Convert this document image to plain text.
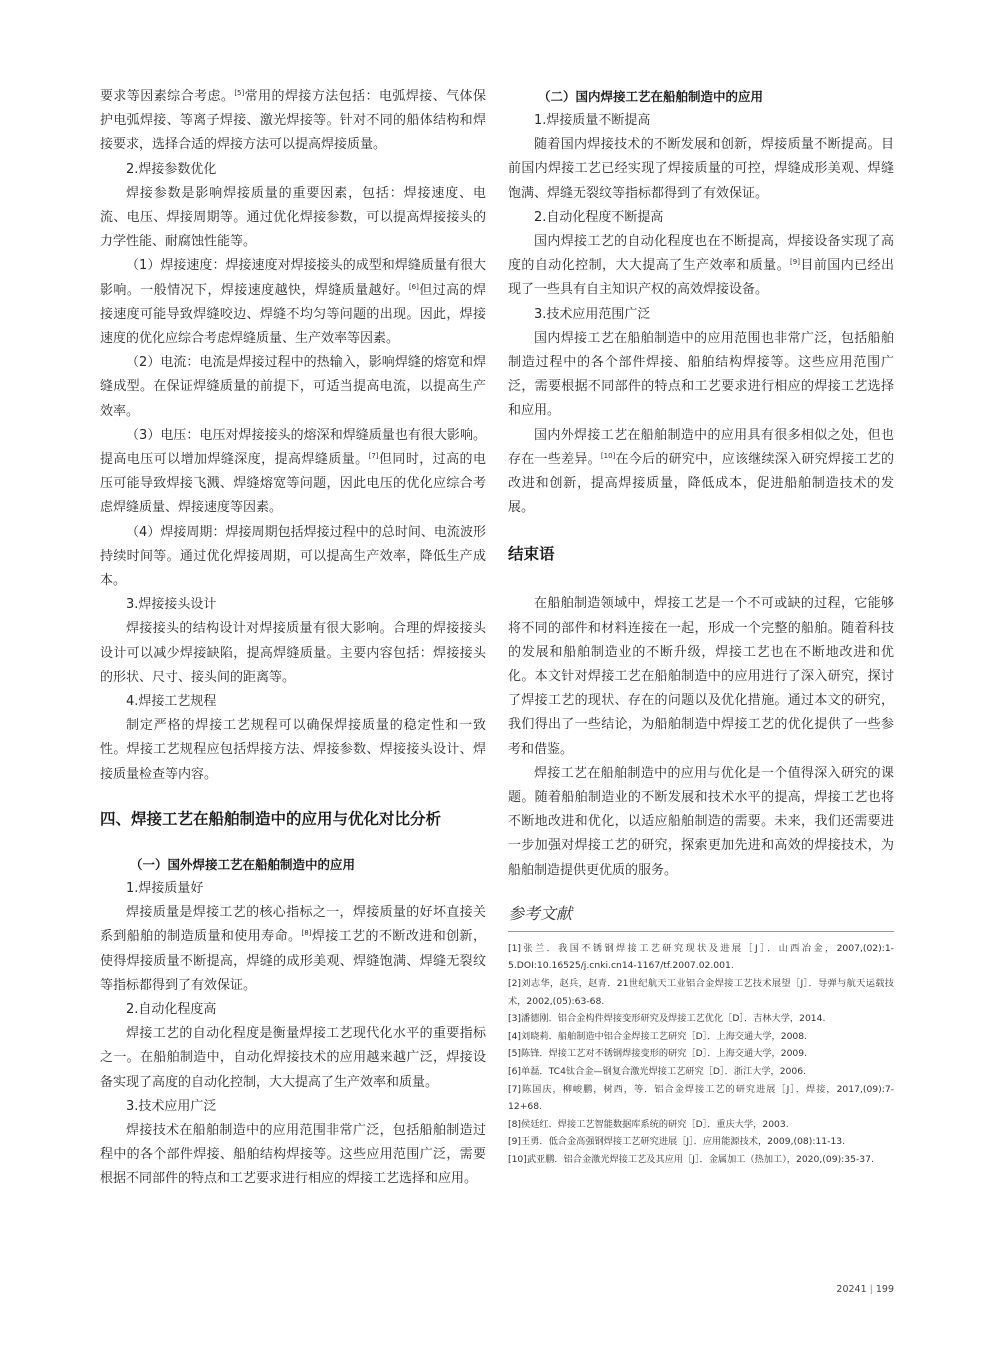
要求等因素综合考虑。[5]常用的焊接方法包括：电弧焊接、气体保护电弧焊接、等离子焊接、激光焊接等。针对不同的船体结构和焊接要求，选择合适的焊接方法可以提高焊接质量。

2.焊接参数优化

焊接参数是影响焊接质量的重要因素，包括：焊接速度、电流、电压、焊接周期等。通过优化焊接参数，可以提高焊接接头的力学性能、耐腐蚀性能等。

（1）焊接速度：焊接速度对焊接接头的成型和焊缝质量有很大影响。一般情况下，焊接速度越快，焊缝质量越好。[6]但过高的焊接速度可能导致焊缝咬边、焊缝不均匀等问题的出现。因此，焊接速度的优化应综合考虑焊缝质量、生产效率等因素。

（2）电流：电流是焊接过程中的热输入，影响焊缝的熔宽和焊缝成型。在保证焊缝质量的前提下，可适当提高电流，以提高生产效率。

（3）电压：电压对焊接接头的熔深和焊缝质量也有很大影响。提高电压可以增加焊缝深度，提高焊缝质量。[7]但同时，过高的电压可能导致焊接飞溅、焊缝熔宽等问题，因此电压的优化应综合考虑焊缝质量、焊接速度等因素。

（4）焊接周期：焊接周期包括焊接过程中的总时间、电流波形持续时间等。通过优化焊接周期，可以提高生产效率，降低生产成本。

3.焊接接头设计

焊接接头的结构设计对焊接质量有很大影响。合理的焊接接头设计可以减少焊接缺陷，提高焊缝质量。主要内容包括：焊接接头的形状、尺寸、接头间的距离等。

4.焊接工艺规程

制定严格的焊接工艺规程可以确保焊接质量的稳定性和一致性。焊接工艺规程应包括焊接方法、焊接参数、焊接接头设计、焊接质量检查等内容。

四、焊接工艺在船舶制造中的应用与优化对比分析
（一）国外焊接工艺在船舶制造中的应用
1.焊接质量好

焊接质量是焊接工艺的核心指标之一，焊接质量的好坏直接关系到船舶的制造质量和使用寿命。[8]焊接工艺的不断改进和创新，使得焊接质量不断提高，焊缝的成形美观、焊缝饱满、焊缝无裂纹等指标都得到了有效保证。

2.自动化程度高

焊接工艺的自动化程度是衡量焊接工艺现代化水平的重要指标之一。在船舶制造中，自动化焊接技术的应用越来越广泛，焊接设备实现了高度的自动化控制，大大提高了生产效率和质量。

3.技术应用广泛

焊接技术在船舶制造中的应用范围非常广泛，包括船舶制造过程中的各个部件焊接、船舶结构焊接等。这些应用范围广泛，需要根据不同部件的特点和工艺要求进行相应的焊接工艺选择和应用。

（二）国内焊接工艺在船舶制造中的应用
1.焊接质量不断提高

随着国内焊接技术的不断发展和创新，焊接质量不断提高。目前国内焊接工艺已经实现了焊接质量的可控，焊缝成形美观、焊缝饱满、焊缝无裂纹等指标都得到了有效保证。

2.自动化程度不断提高

国内焊接工艺的自动化程度也在不断提高，焊接设备实现了高度的自动化控制，大大提高了生产效率和质量。[9]目前国内已经出现了一些具有自主知识产权的高效焊接设备。

3.技术应用范围广泛

国内焊接工艺在船舶制造中的应用范围也非常广泛，包括船舶制造过程中的各个部件焊接、船舶结构焊接等。这些应用范围广泛，需要根据不同部件的特点和工艺要求进行相应的焊接工艺选择和应用。

国内外焊接工艺在船舶制造中的应用具有很多相似之处，但也存在一些差异。[10]在今后的研究中，应该继续深入研究焊接工艺的改进和创新，提高焊接质量，降低成本，促进船舶制造技术的发展。

结束语

在船舶制造领域中，焊接工艺是一个不可或缺的过程，它能够将不同的部件和材料连接在一起，形成一个完整的船舶。随着科技的发展和船舶制造业的不断升级，焊接工艺也在不断地改进和优化。本文针对焊接工艺在船舶制造中的应用进行了深入研究，探讨了焊接工艺的现状、存在的问题以及优化措施。通过本文的研究，我们得出了一些结论，为船舶制造中焊接工艺的优化提供了一些参考和借鉴。

焊接工艺在船舶制造中的应用与优化是一个值得深入研究的课题。随着船舶制造业的不断发展和技术水平的提高，焊接工艺也将不断地改进和优化，以适应船舶制造的需要。未来，我们还需要进一步加强对焊接工艺的研究，探索更加先进和高效的焊接技术，为船舶制造提供更优质的服务。

参考文献

[1]张兰．我国不锈钢焊接工艺研究现状及进展［J］．山西冶金，2007,(02):1-5.DOI:10.16525/j.cnki.cn14-1167/tf.2007.02.001.

[2]刘志华，赵兵，赵青．21世纪航天工业铝合金焊接工艺技术展望［J］．导弹与航天运载技术，2002,(05):63-68.

[3]潘德刚．铝合金构件焊接变形研究及焊接工艺优化［D］．吉林大学，2014.

[4]刘晓莉．船舶制造中铝合金焊接工艺研究［D］．上海交通大学，2008.

[5]陈锋．焊接工艺对不锈钢焊接变形的研究［D］．上海交通大学，2009.

[6]单磊．TC4钛合金—钢复合激光焊接工艺研究［D］．浙江大学，2006.

[7]陈国庆，柳峻鹏，树西，等．铝合金焊接工艺的研究进展［J］．焊接，2017,(09):7-12+68.

[8]侯廷红．焊接工艺智能数据库系统的研究［D］．重庆大学，2003.

[9]王勇．低合金高强钢焊接工艺研究进展［J］．应用能源技术，2009,(08):11-13.

[10]武亚鹏．铝合金激光焊接工艺及其应用［J］．金属加工（热加工），2020,(09):35-37.

20241 | 199
